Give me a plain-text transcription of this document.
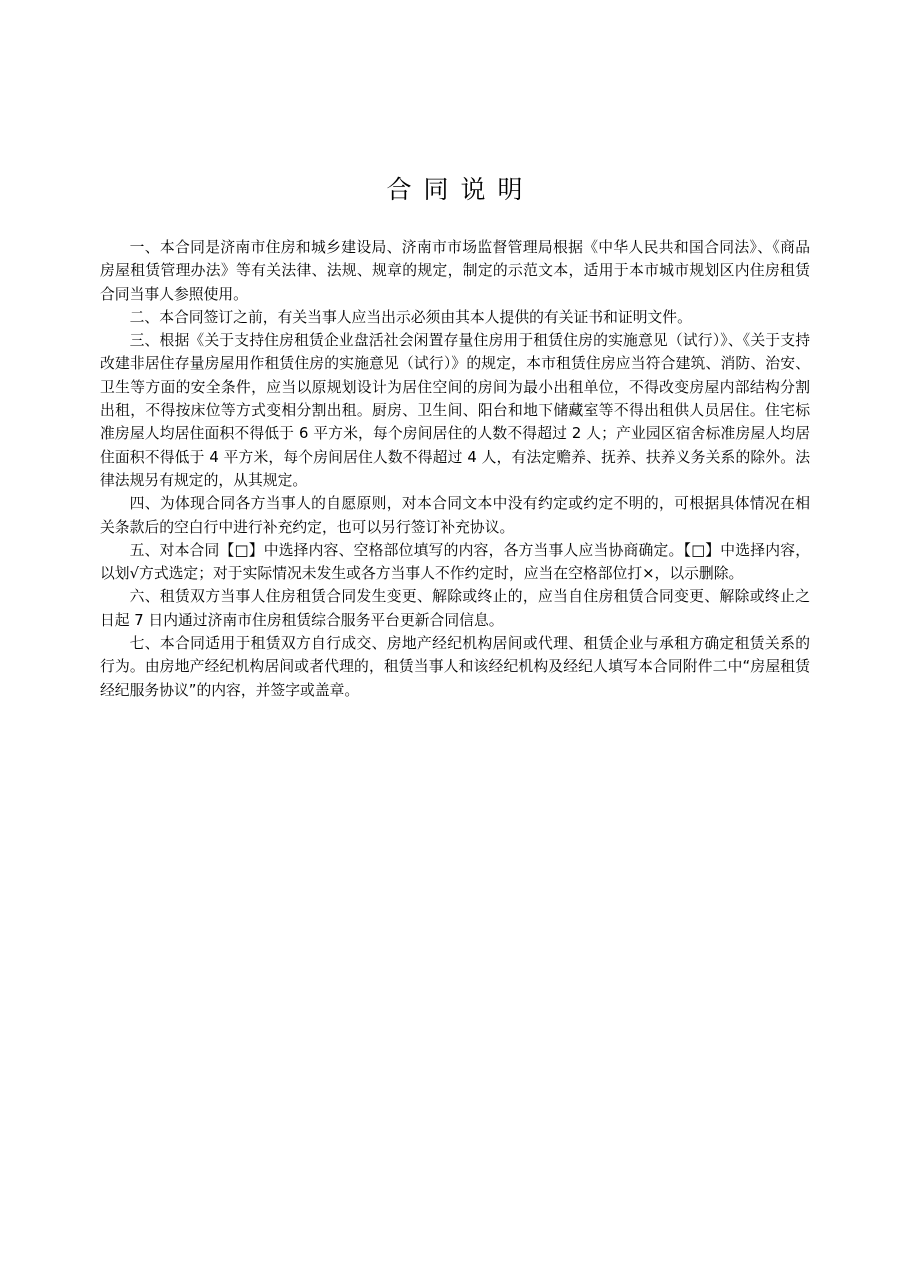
合同说明

一、本合同是济南市住房和城乡建设局、济南市市场监督管理局根据《中华人民共和国合同法》、《商品房屋租赁管理办法》等有关法律、法规、规章的规定，制定的示范文本，适用于本市城市规划区内住房租赁合同当事人参照使用。

二、本合同签订之前，有关当事人应当出示必须由其本人提供的有关证书和证明文件。

三、根据《关于支持住房租赁企业盘活社会闲置存量住房用于租赁住房的实施意见（试行）》、《关于支持改建非居住存量房屋用作租赁住房的实施意见（试行）》的规定，本市租赁住房应当符合建筑、消防、治安、卫生等方面的安全条件，应当以原规划设计为居住空间的房间为最小出租单位，不得改变房屋内部结构分割出租，不得按床位等方式变相分割出租。厨房、卫生间、阳台和地下储藏室等不得出租供人员居住。住宅标准房屋人均居住面积不得低于 6 平方米，每个房间居住的人数不得超过 2 人；产业园区宿舍标准房屋人均居住面积不得低于 4 平方米，每个房间居住人数不得超过 4 人，有法定赡养、抚养、扶养义务关系的除外。法律法规另有规定的，从其规定。

四、为体现合同各方当事人的自愿原则，对本合同文本中没有约定或约定不明的，可根据具体情况在相关条款后的空白行中进行补充约定，也可以另行签订补充协议。

五、对本合同【□】中选择内容、空格部位填写的内容，各方当事人应当协商确定。【□】中选择内容，以划√方式选定；对于实际情况未发生或各方当事人不作约定时，应当在空格部位打×，以示删除。

六、租赁双方当事人住房租赁合同发生变更、解除或终止的，应当自住房租赁合同变更、解除或终止之日起 7 日内通过济南市住房租赁综合服务平台更新合同信息。

七、本合同适用于租赁双方自行成交、房地产经纪机构居间或代理、租赁企业与承租方确定租赁关系的行为。由房地产经纪机构居间或者代理的，租赁当事人和该经纪机构及经纪人填写本合同附件二中“房屋租赁经纪服务协议”的内容，并签字或盖章。
